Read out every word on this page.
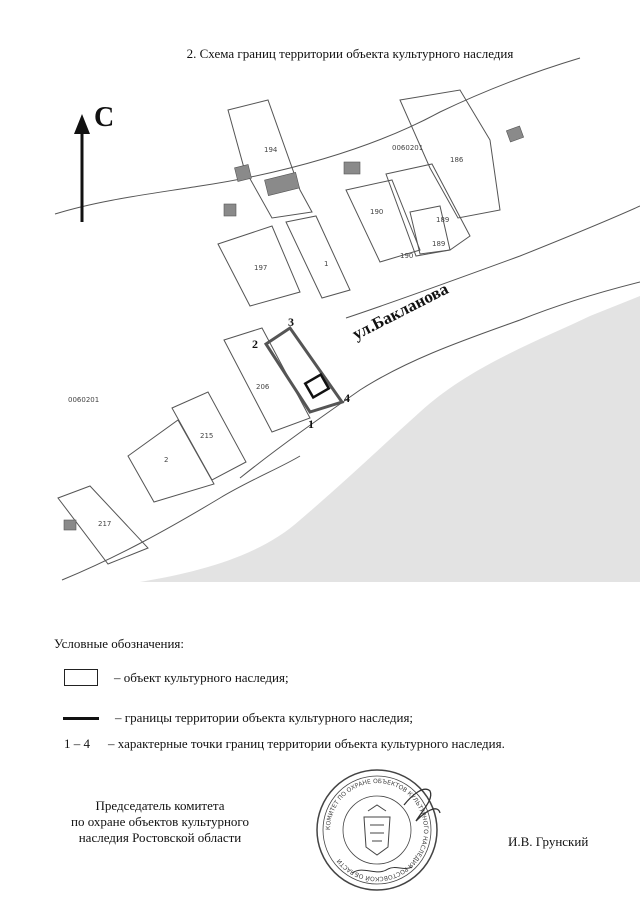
2. Схема границ территории объекта культурного наследия
194
186
190
190
189
189
197	1
206
215
2
217
0060201
0060201
С
ул.Бакланова
1
2
3
4
Условные обозначения:
– объект культурного наследия;
– границы территории объекта культурного наследия;
1 – 4	– характерные точки границ территории объекта культурного наследия.
Председатель комитета
по охране объектов культурного
наследия Ростовской области
КОМИТЕТ ПО ОХРАНЕ ОБЪЕКТОВ КУЛЬТУРНОГО НАСЛЕДИЯ РОСТОВСКОЙ ОБЛАСТИ
И.В. Грунский
